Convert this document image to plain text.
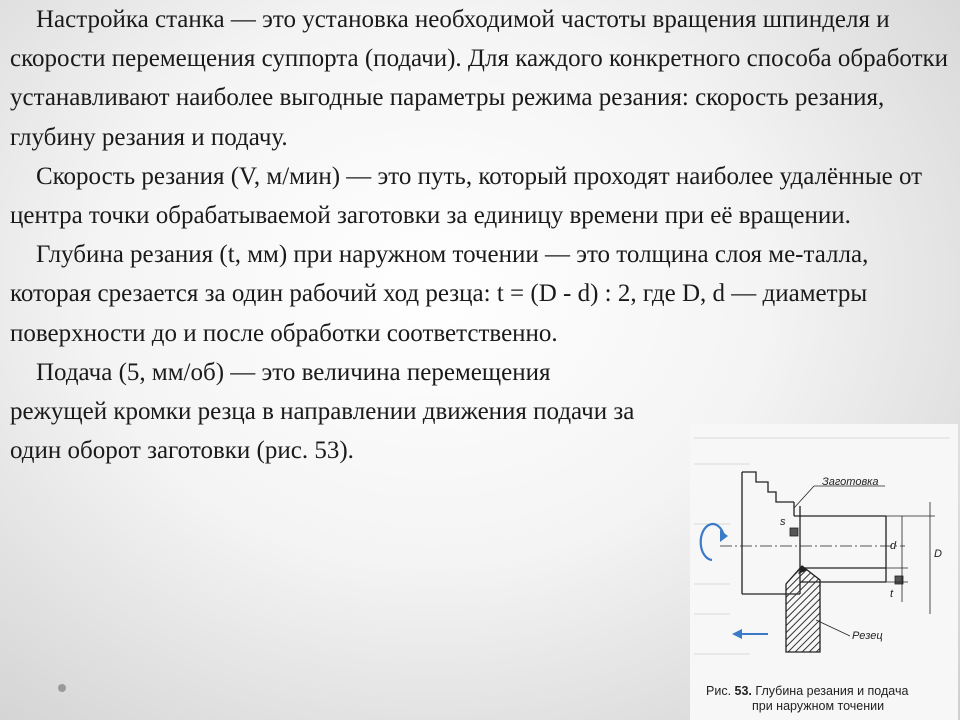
Настройка станка — это установка необходимой частоты вращения шпинделя и скорости перемещения суппорта (подачи). Для каждого конкретного способа обработки устанавливают наиболее выгодные параметры режима резания: скорость резания, глубину резания и подачу.

Скорость резания (V, м/мин) — это путь, который проходят наиболее удалённые от центра точки обрабатываемой заготовки за единицу времени при её вращении.

Глубина резания (t, мм) при наружном точении — это толщина слоя ме-талла, которая срезается за один рабочий ход резца: t = (D - d) : 2, где D, d — диаметры поверхности до и после обработки соответственно.

Подача (5, мм/об) — это величина перемещения режущей кромки резца в направлении движения подачи за один оборот заготовки (рис. 53).

Заготовка
s
d
D
t
Резец
Рис. 53. Глубина резания и подача
при наружном точении
